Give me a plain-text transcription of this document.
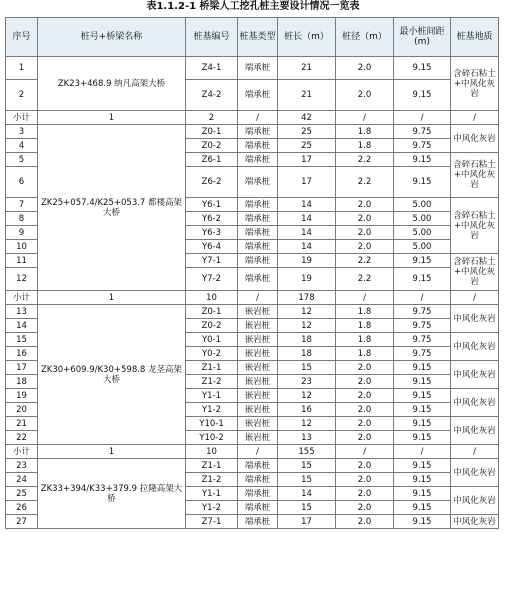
表1.1.2-1 桥梁人工挖孔桩主要设计情况一览表
序号	桩号+桥梁名称	桩基编号	桩基类型	桩长（m）	桩径（m）	最小桩间距(m)	桩基地质
1	ZK23+468.9 纳凡高架大桥	Z4-1	端承桩	21	2.0	9.15	含碎石粘土+中风化灰岩
2		Z4-2	端承桩	21	2.0	9.15	
小计	1	2	/	42	/	/	/
3	ZK25+057.4/K25+053.7 都楼高架大桥	Z0-1	端承桩	25	1.8	9.75	中风化灰岩
4		Z0-2	端承桩	25	1.8	9.75	
5		Z6-1	端承桩	17	2.2	9.15	含碎石粘土+中风化灰岩
6		Z6-2	端承桩	17	2.2	9.15	
7		Y6-1	端承桩	14	2.0	5.00	含碎石粘土+中风化灰岩
8		Y6-2	端承桩	14	2.0	5.00	
9		Y6-3	端承桩	14	2.0	5.00	
10		Y6-4	端承桩	14	2.0	5.00	
11		Y7-1	端承桩	19	2.2	9.15	含碎石粘土+中风化灰岩
12		Y7-2	端承桩	19	2.2	9.15	
小计	1	10	/	178	/	/	/
13	ZK30+609.9/K30+598.8 龙茎高架大桥	Z0-1	嵌岩桩	12	1.8	9.75	中风化灰岩
14		Z0-2	嵌岩桩	12	1.8	9.75	
15		Y0-1	嵌岩桩	18	1.8	9.75	中风化灰岩
16		Y0-2	嵌岩桩	18	1.8	9.75	
17		Z1-1	嵌岩桩	15	2.0	9.15	中风化灰岩
18		Z1-2	嵌岩桩	23	2.0	9.15	
19		Y1-1	嵌岩桩	12	2.0	9.15	中风化灰岩
20		Y1-2	嵌岩桩	16	2.0	9.15	
21		Y10-1	嵌岩桩	12	2.0	9.15	中风化灰岩
22		Y10-2	嵌岩桩	13	2.0	9.15	
小计	1	10	/	155	/	/	/
23	ZK33+394/K33+379.9 拉隆高架大桥	Z1-1	端承桩	15	2.0	9.15	中风化灰岩
24		Z1-2	端承桩	15	2.0	9.15	
25		Y1-1	端承桩	14	2.0	9.15	中风化灰岩
26		Y1-2	端承桩	15	2.0	9.15	
27		Z7-1	端承桩	17	2.0	9.15	中风化灰岩
